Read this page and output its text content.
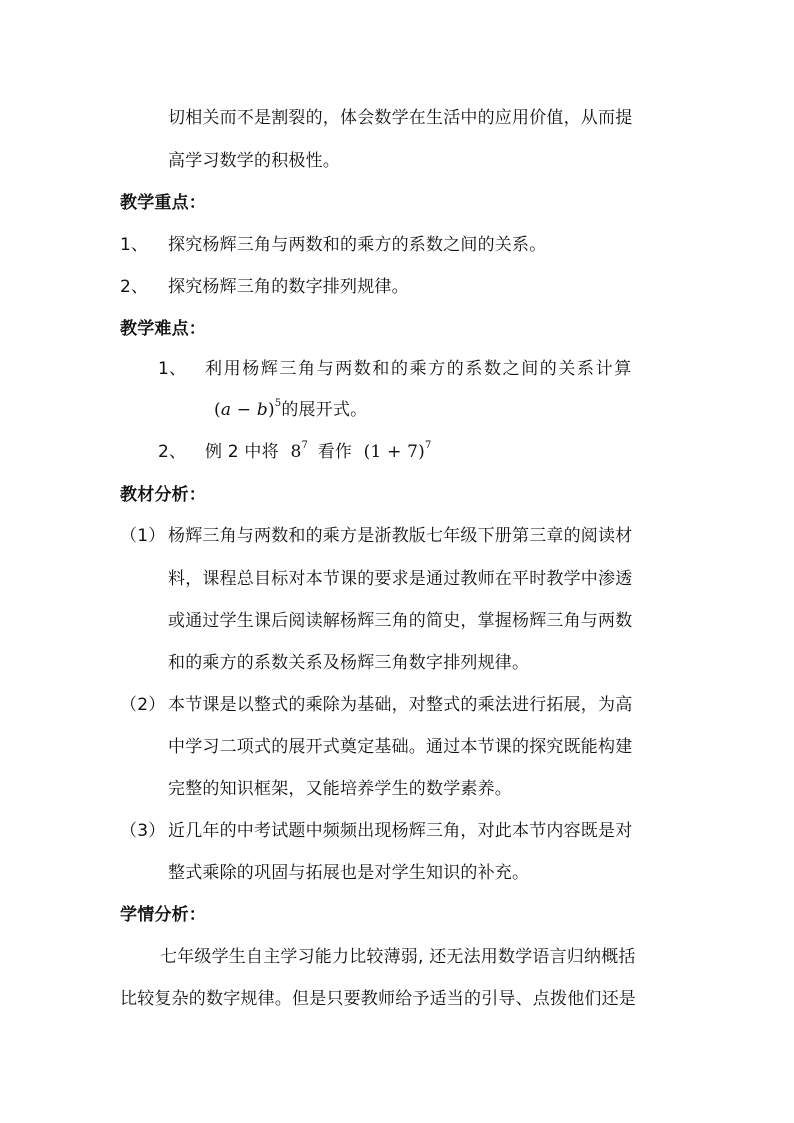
切相关而不是割裂的，体会数学在生活中的应用价值，从而提
高学习数学的积极性。
教学重点：
1、 探究杨辉三角与两数和的乘方的系数之间的关系。
2、 探究杨辉三角的数字排列规律。
教学难点：
1、 利用杨辉三角与两数和的乘方的系数之间的关系计算
$(a - b)^5$的展开式。
2、 例 2 中将 $8^7$ 看作 $(1 + 7)^7$
教材分析：
（1） 杨辉三角与两数和的乘方是浙教版七年级下册第三章的阅读材
料，课程总目标对本节课的要求是通过教师在平时教学中渗透
或通过学生课后阅读解杨辉三角的简史，掌握杨辉三角与两数
和的乘方的系数关系及杨辉三角数字排列规律。
（2） 本节课是以整式的乘除为基础，对整式的乘法进行拓展，为高
中学习二项式的展开式奠定基础。通过本节课的探究既能构建
完整的知识框架，又能培养学生的数学素养。
（3） 近几年的中考试题中频频出现杨辉三角，对此本节内容既是对
整式乘除的巩固与拓展也是对学生知识的补充。
学情分析：
七年级学生自主学习能力比较薄弱, 还无法用数学语言归纳概括
比较复杂的数字规律。但是只要教师给予适当的引导、点拨他们还是
